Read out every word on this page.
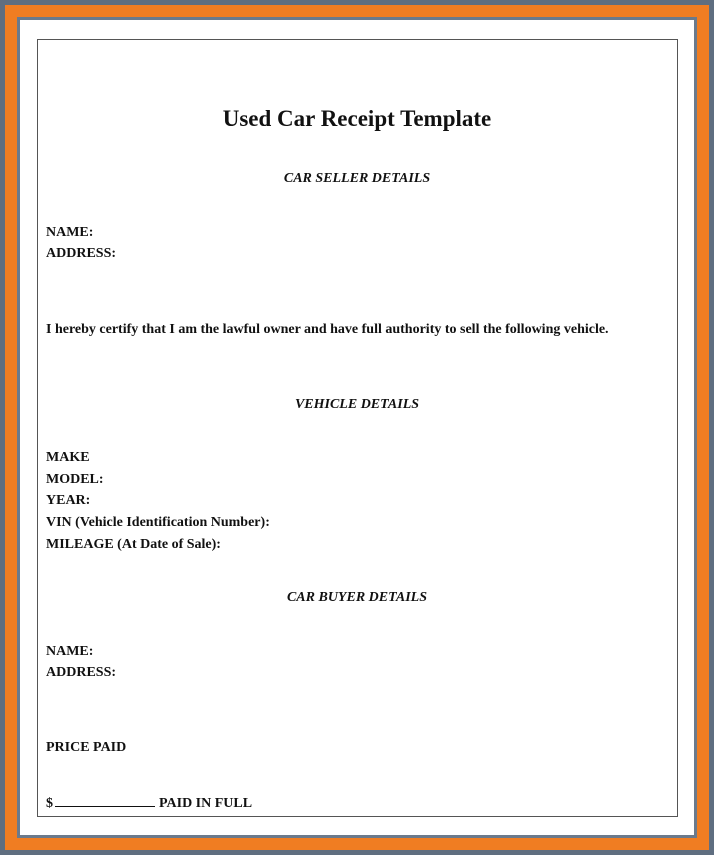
Used Car Receipt Template
CAR SELLER DETAILS
NAME:
ADDRESS:
I hereby certify that I am the lawful owner and have full authority to sell the following vehicle.
VEHICLE DETAILS
MAKE
MODEL:
YEAR:
VIN (Vehicle Identification Number):
MILEAGE (At Date of Sale):
CAR BUYER DETAILS
NAME:
ADDRESS:
PRICE PAID
$	PAID IN FULL
